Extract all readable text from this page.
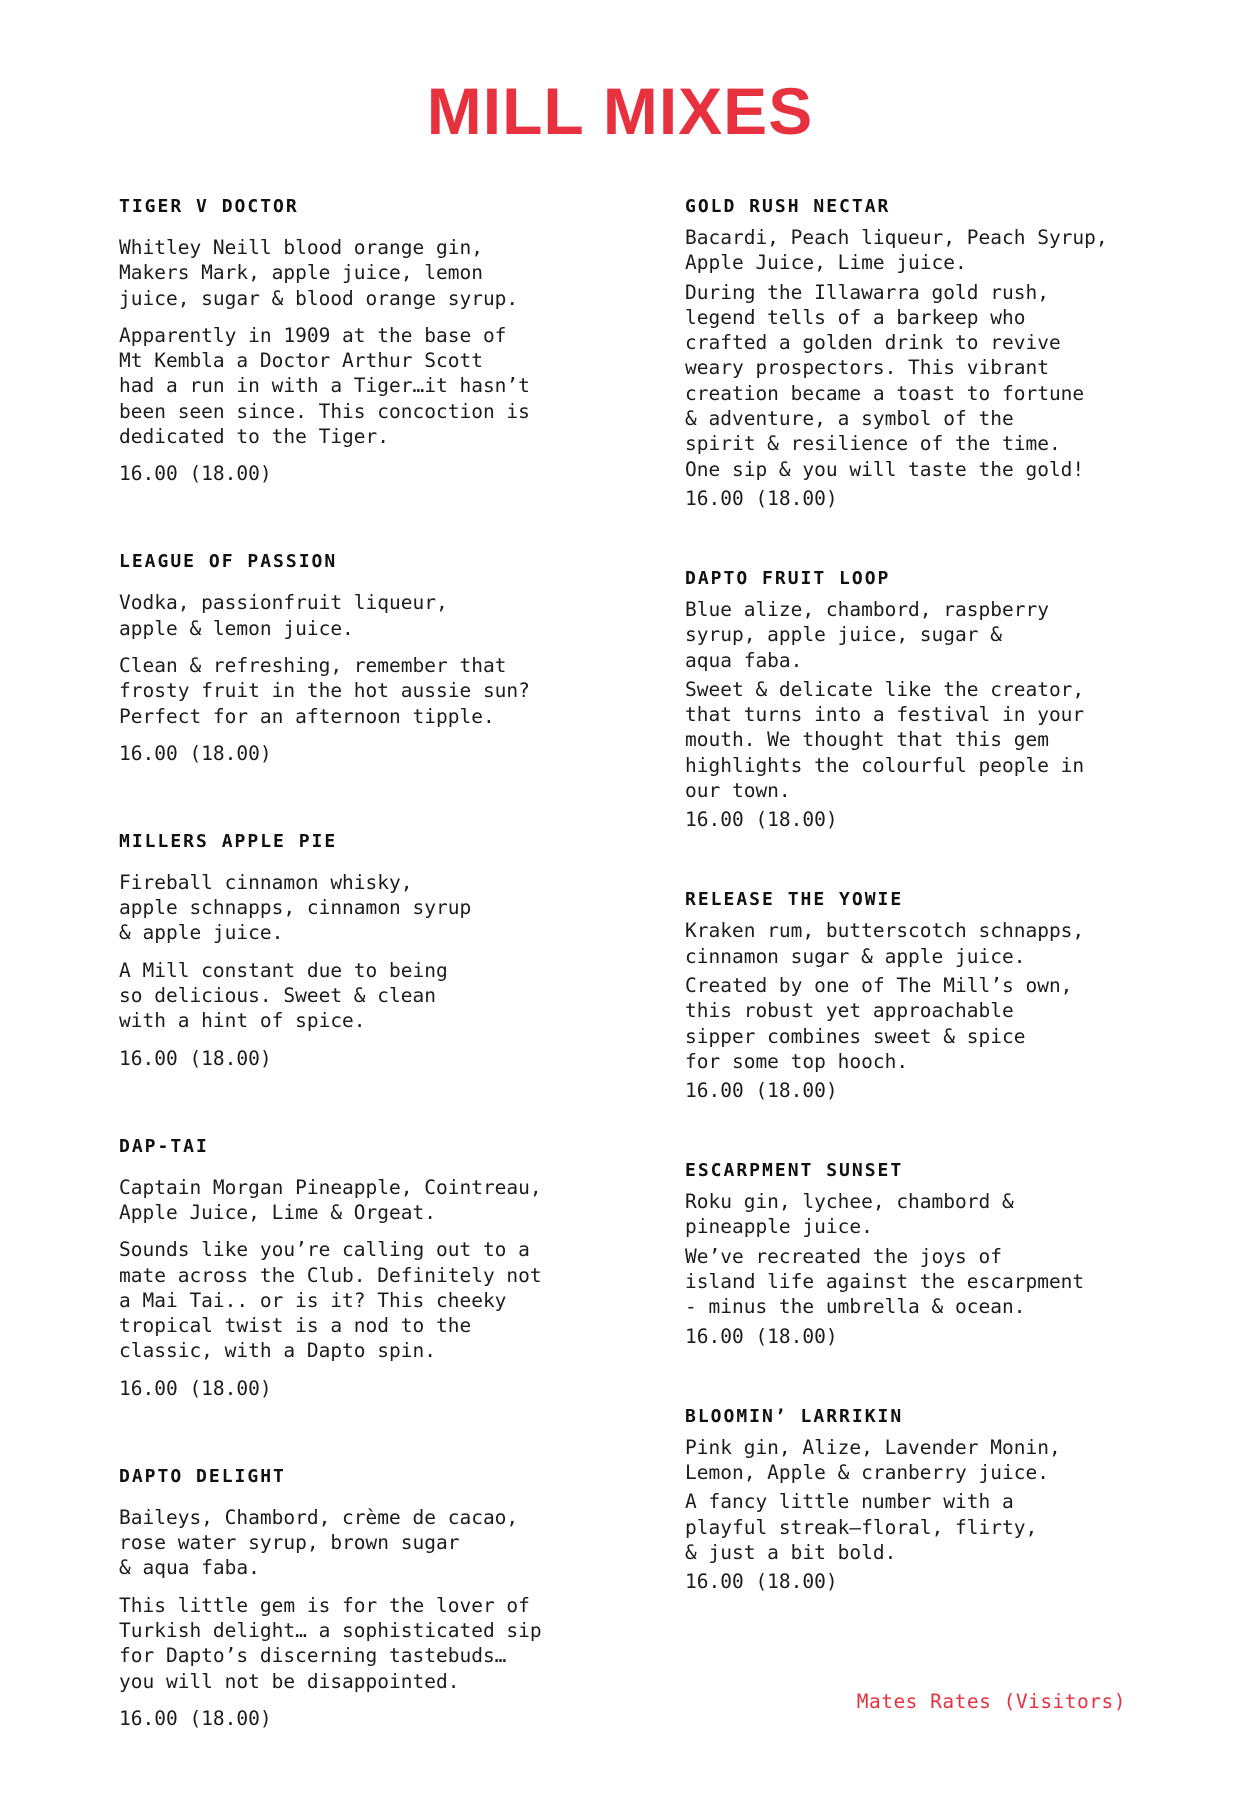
MILL MIXES
TIGER V DOCTOR
Whitley Neill blood orange gin,
Makers Mark, apple juice, lemon
juice, sugar & blood orange syrup.
Apparently in 1909 at the base of
Mt Kembla a Doctor Arthur Scott
had a run in with a Tiger…it hasn’t
been seen since. This concoction is
dedicated to the Tiger.
16.00 (18.00)
LEAGUE OF PASSION
Vodka, passionfruit liqueur,
apple & lemon juice.
Clean & refreshing, remember that
frosty fruit in the hot aussie sun?
Perfect for an afternoon tipple.
16.00 (18.00)
MILLERS APPLE PIE
Fireball cinnamon whisky,
apple schnapps, cinnamon syrup
& apple juice.
A Mill constant due to being
so delicious. Sweet & clean
with a hint of spice.
16.00 (18.00)
DAP-TAI
Captain Morgan Pineapple, Cointreau,
Apple Juice, Lime & Orgeat.
Sounds like you’re calling out to a
mate across the Club. Definitely not
a Mai Tai.. or is it? This cheeky
tropical twist is a nod to the
classic, with a Dapto spin.
16.00 (18.00)
DAPTO DELIGHT
Baileys, Chambord, crème de cacao,
rose water syrup, brown sugar
& aqua faba.
This little gem is for the lover of
Turkish delight… a sophisticated sip
for Dapto’s discerning tastebuds…
you will not be disappointed.
16.00 (18.00)
GOLD RUSH NECTAR
Bacardi, Peach liqueur, Peach Syrup,
Apple Juice, Lime juice.
During the Illawarra gold rush,
legend tells of a barkeep who
crafted a golden drink to revive
weary prospectors. This vibrant
creation became a toast to fortune
& adventure, a symbol of the
spirit & resilience of the time.
One sip & you will taste the gold!
16.00 (18.00)
DAPTO FRUIT LOOP
Blue alize, chambord, raspberry
syrup, apple juice, sugar &
aqua faba.
Sweet & delicate like the creator,
that turns into a festival in your
mouth. We thought that this gem
highlights the colourful people in
our town.
16.00 (18.00)
RELEASE THE YOWIE
Kraken rum, butterscotch schnapps,
cinnamon sugar & apple juice.
Created by one of The Mill’s own,
this robust yet approachable
sipper combines sweet & spice
for some top hooch.
16.00 (18.00)
ESCARPMENT SUNSET
Roku gin, lychee, chambord &
pineapple juice.
We’ve recreated the joys of
island life against the escarpment
- minus the umbrella & ocean.
16.00 (18.00)
BLOOMIN’ LARRIKIN
Pink gin, Alize, Lavender Monin,
Lemon, Apple & cranberry juice.
A fancy little number with a
playful streak—floral, flirty,
& just a bit bold.
16.00 (18.00)
Mates Rates (Visitors)
